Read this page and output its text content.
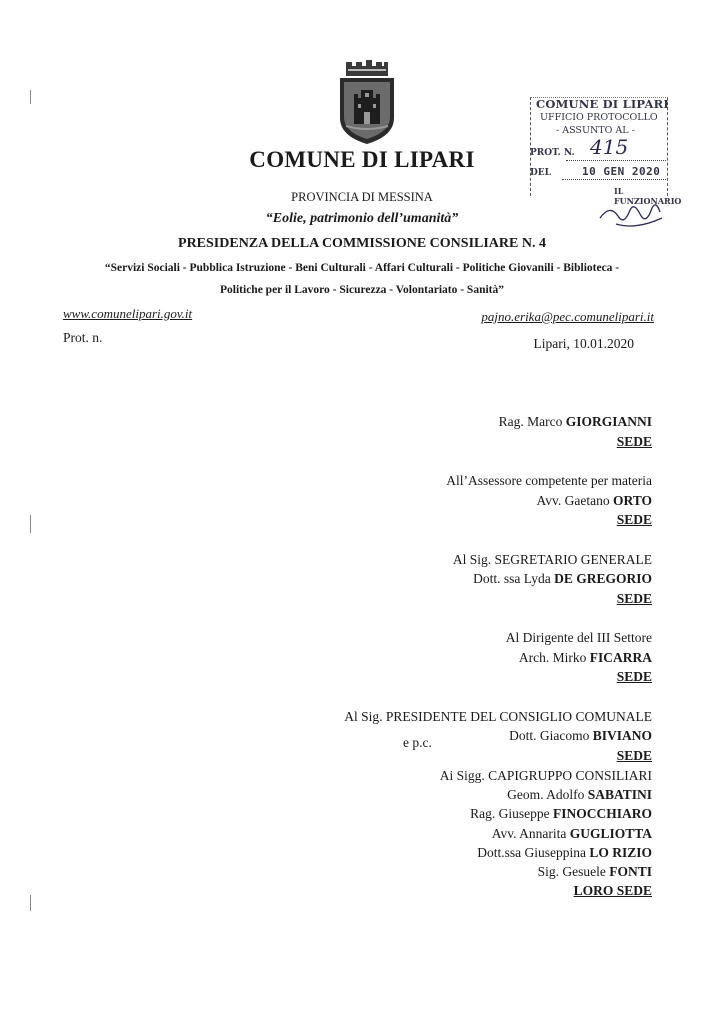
COMUNE DI LIPARI
PROVINCIA DI MESSINA
“Eolie, patrimonio dell’umanità”
PRESIDENZA DELLA COMMISSIONE CONSILIARE N. 4
“Servizi Sociali - Pubblica Istruzione - Beni Culturali - Affari Culturali - Politiche Giovanili - Biblioteca -
Politiche per il Lavoro - Sicurezza - Volontariato - Sanità”
www.comunelipari.gov.it	pajno.erika@pec.comunelipari.it
Prot. n.	Lipari, 10.01.2020
COMUNE DI LIPARI
UFFICIO PROTOCOLLO
- ASSUNTO AL -
PROT. N. 415
DEL	10 GEN 2020
IL FUNZIONARIO
Rag. Marco GIORGIANNI
SEDE
All’Assessore competente per materia
Avv. Gaetano ORTO
SEDE
Al Sig. SEGRETARIO GENERALE
Dott. ssa Lyda DE GREGORIO
SEDE
Al Dirigente del III Settore
Arch. Mirko FICARRA
SEDE
Al Sig. PRESIDENTE DEL CONSIGLIO COMUNALE
Dott. Giacomo BIVIANO
SEDE
e p.c.
Ai Sigg. CAPIGRUPPO CONSILIARI
Geom. Adolfo SABATINI
Rag. Giuseppe FINOCCHIARO
Avv. Annarita GUGLIOTTA
Dott.ssa Giuseppina LO RIZIO
Sig. Gesuele FONTI
LORO SEDE
